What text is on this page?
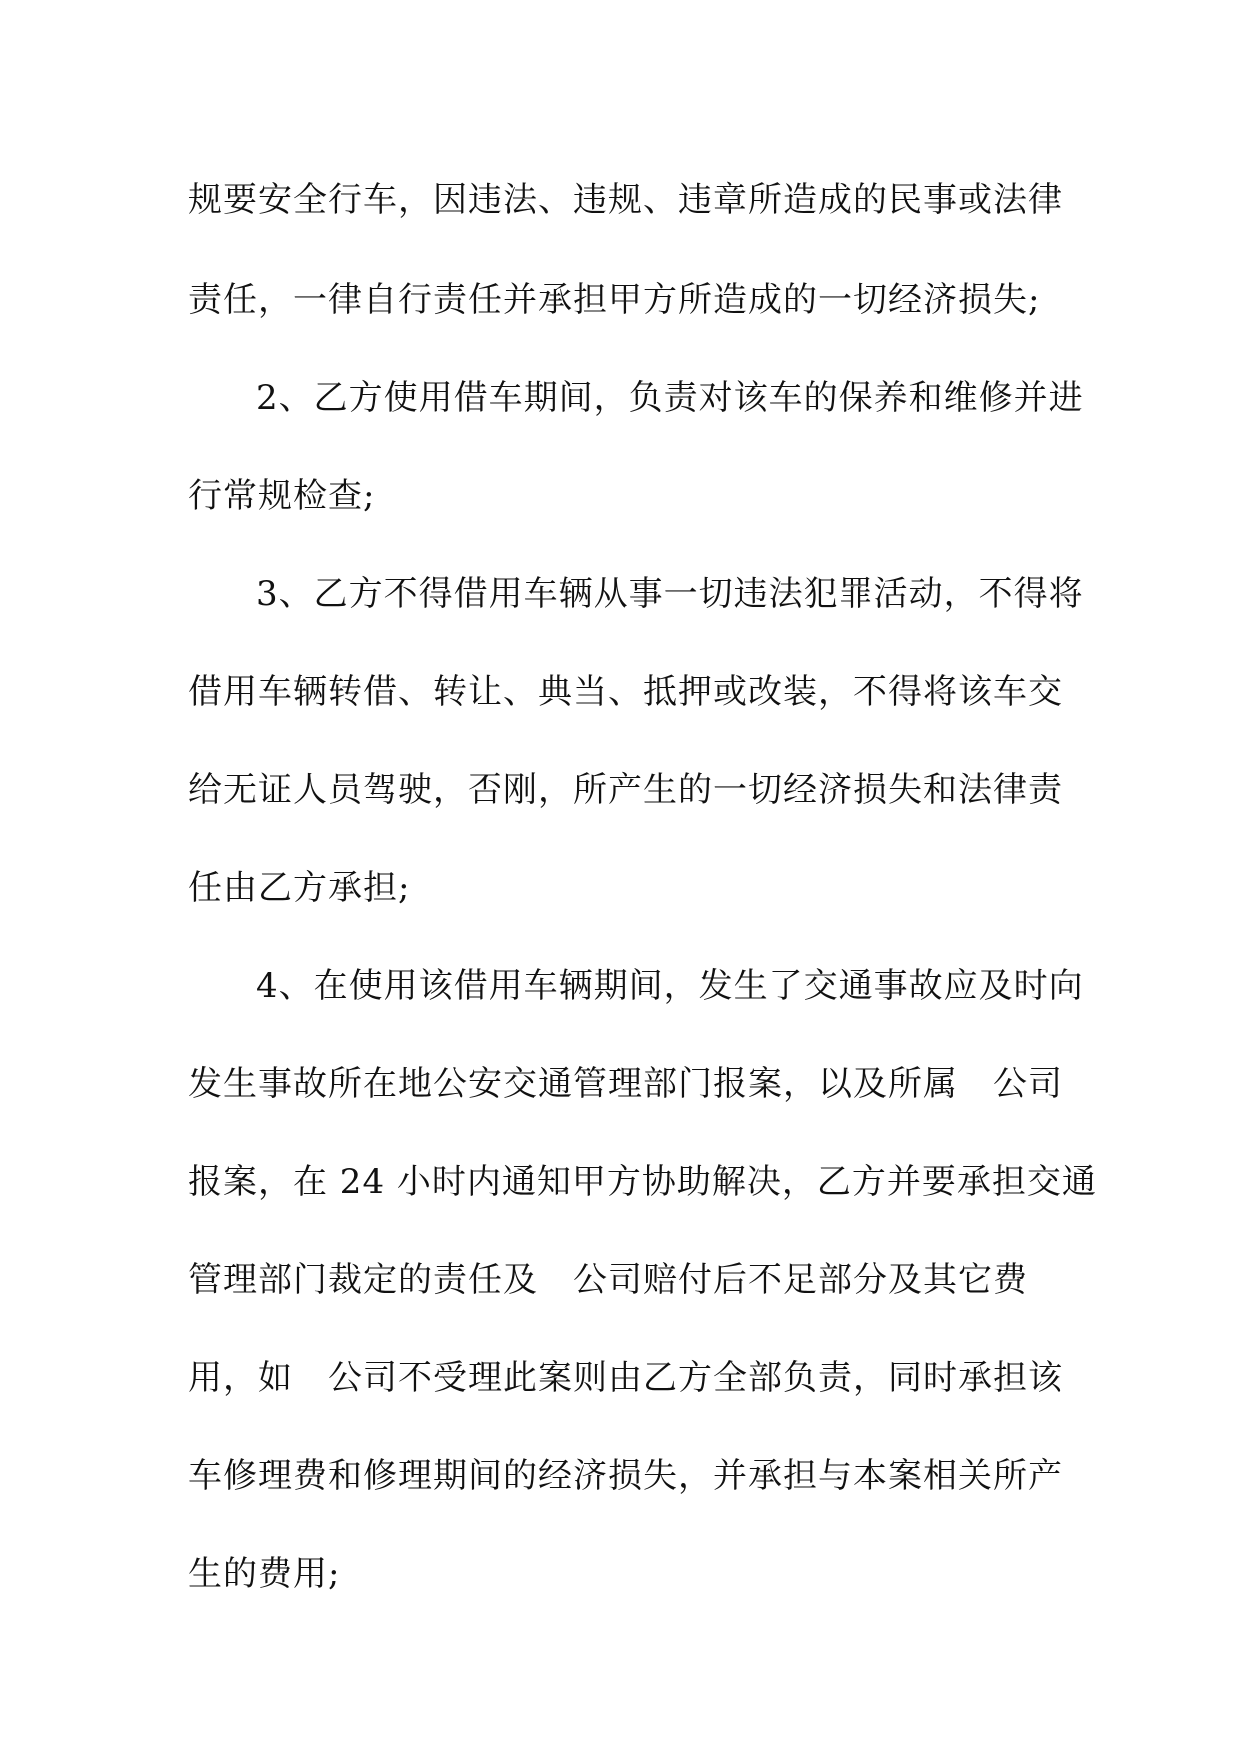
规要安全行车，因违法、违规、违章所造成的民事或法律

责任，一律自行责任并承担甲方所造成的一切经济损失;

2、乙方使用借车期间，负责对该车的保养和维修并进

行常规检查;

3、乙方不得借用车辆从事一切违法犯罪活动，不得将

借用车辆转借、转让、典当、抵押或改装，不得将该车交

给无证人员驾驶，否刚，所产生的一切经济损失和法律责

任由乙方承担;

4、在使用该借用车辆期间，发生了交通事故应及时向

发生事故所在地公安交通管理部门报案，以及所属　公司

报案，在 24 小时内通知甲方协助解决，乙方并要承担交通

管理部门裁定的责任及　公司赔付后不足部分及其它费

用，如　公司不受理此案则由乙方全部负责，同时承担该

车修理费和修理期间的经济损失，并承担与本案相关所产

生的费用;
